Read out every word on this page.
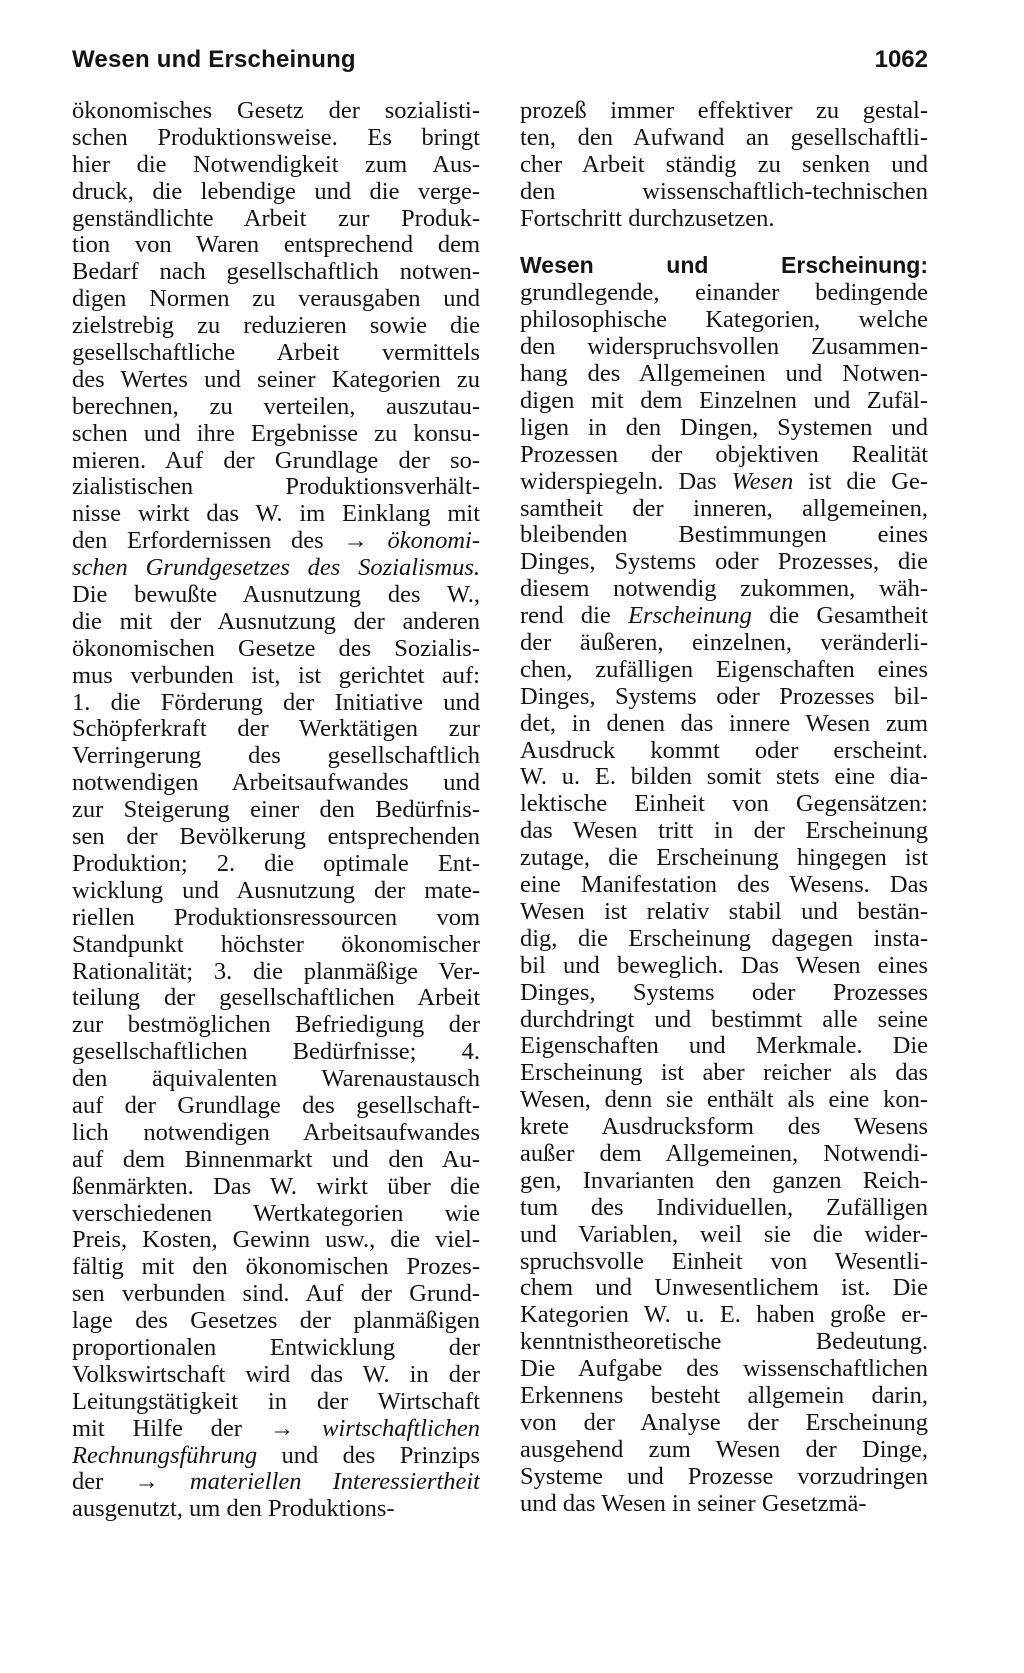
Wesen und Erscheinung	1062
ökonomisches Gesetz der sozialisti-
schen Produktionsweise. Es bringt
hier die Notwendigkeit zum Aus-
druck, die lebendige und die verge-
genständlichte Arbeit zur Produk-
tion von Waren entsprechend dem
Bedarf nach gesellschaftlich notwen-
digen Normen zu verausgaben und
zielstrebig zu reduzieren sowie die
gesellschaftliche Arbeit vermittels
des Wertes und seiner Kategorien zu
berechnen, zu verteilen, auszutau-
schen und ihre Ergebnisse zu konsu-
mieren. Auf der Grundlage der so-
zialistischen Produktionsverhält-
nisse wirkt das W. im Einklang mit
den Erfordernissen des → ökonomi-
schen Grundgesetzes des Sozialismus.
Die bewußte Ausnutzung des W.,
die mit der Ausnutzung der anderen
ökonomischen Gesetze des Sozialis-
mus verbunden ist, ist gerichtet auf:
1. die Förderung der Initiative und
Schöpferkraft der Werktätigen zur
Verringerung des gesellschaftlich
notwendigen Arbeitsaufwandes und
zur Steigerung einer den Bedürfnis-
sen der Bevölkerung entsprechenden
Produktion; 2. die optimale Ent-
wicklung und Ausnutzung der mate-
riellen Produktionsressourcen vom
Standpunkt höchster ökonomischer
Rationalität; 3. die planmäßige Ver-
teilung der gesellschaftlichen Arbeit
zur bestmöglichen Befriedigung der
gesellschaftlichen Bedürfnisse; 4.
den äquivalenten Warenaustausch
auf der Grundlage des gesellschaft-
lich notwendigen Arbeitsaufwandes
auf dem Binnenmarkt und den Au-
ßenmärkten. Das W. wirkt über die
verschiedenen Wertkategorien wie
Preis, Kosten, Gewinn usw., die viel-
fältig mit den ökonomischen Prozes-
sen verbunden sind. Auf der Grund-
lage des Gesetzes der planmäßigen
proportionalen Entwicklung der
Volkswirtschaft wird das W. in der
Leitungstätigkeit in der Wirtschaft
mit Hilfe der → wirtschaftlichen
Rechnungsführung und des Prinzips
der → materiellen Interessiertheit
ausgenutzt, um den Produktions-
prozeß immer effektiver zu gestal-
ten, den Aufwand an gesellschaftli-
cher Arbeit ständig zu senken und
den wissenschaftlich-technischen
Fortschritt durchzusetzen.
Wesen	und	Erscheinung:
grundlegende, einander bedingende
philosophische Kategorien, welche
den widerspruchsvollen Zusammen-
hang des Allgemeinen und Notwen-
digen mit dem Einzelnen und Zufäl-
ligen in den Dingen, Systemen und
Prozessen der objektiven Realität
widerspiegeln. Das Wesen ist die Ge-
samtheit der inneren, allgemeinen,
bleibenden Bestimmungen eines
Dinges, Systems oder Prozesses, die
diesem notwendig zukommen, wäh-
rend die Erscheinung die Gesamtheit
der äußeren, einzelnen, veränderli-
chen, zufälligen Eigenschaften eines
Dinges, Systems oder Prozesses bil-
det, in denen das innere Wesen zum
Ausdruck kommt oder erscheint.
W. u. E. bilden somit stets eine dia-
lektische Einheit von Gegensätzen:
das Wesen tritt in der Erscheinung
zutage, die Erscheinung hingegen ist
eine Manifestation des Wesens. Das
Wesen ist relativ stabil und bestän-
dig, die Erscheinung dagegen insta-
bil und beweglich. Das Wesen eines
Dinges, Systems oder Prozesses
durchdringt und bestimmt alle seine
Eigenschaften und Merkmale. Die
Erscheinung ist aber reicher als das
Wesen, denn sie enthält als eine kon-
krete Ausdrucksform des Wesens
außer dem Allgemeinen, Notwendi-
gen, Invarianten den ganzen Reich-
tum des Individuellen, Zufälligen
und Variablen, weil sie die wider-
spruchsvolle Einheit von Wesentli-
chem und Unwesentlichem ist. Die
Kategorien W. u. E. haben große er-
kenntnistheoretische Bedeutung.
Die Aufgabe des wissenschaftlichen
Erkennens besteht allgemein darin,
von der Analyse der Erscheinung
ausgehend zum Wesen der Dinge,
Systeme und Prozesse vorzudringen
und das Wesen in seiner Gesetzmä-
